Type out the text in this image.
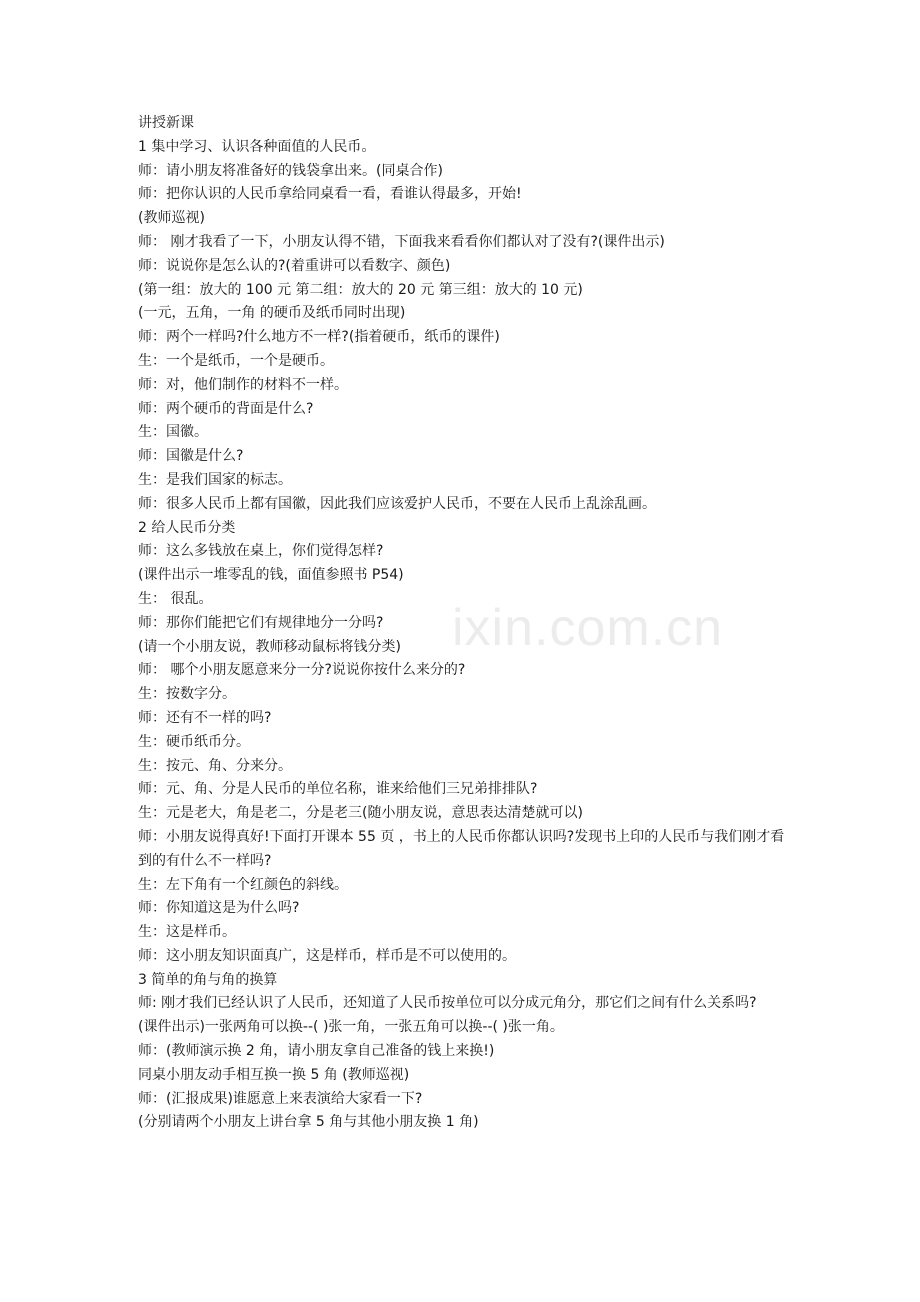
ixin.com.cn
讲授新课
1 集中学习、认识各种面值的人民币。
师：请小朋友将准备好的钱袋拿出来。(同桌合作)
师：把你认识的人民币拿给同桌看一看，看谁认得最多，开始!
(教师巡视)
师： 刚才我看了一下，小朋友认得不错，下面我来看看你们都认对了没有?(课件出示)
师：说说你是怎么认的?(着重讲可以看数字、颜色)
(第一组：放大的 100 元 第二组：放大的 20 元 第三组：放大的 10 元)
(一元，五角，一角 的硬币及纸币同时出现)
师：两个一样吗?什么地方不一样?(指着硬币，纸币的课件)
生：一个是纸币，一个是硬币。
师：对，他们制作的材料不一样。
师：两个硬币的背面是什么?
生：国徽。
师：国徽是什么?
生：是我们国家的标志。
师：很多人民币上都有国徽，因此我们应该爱护人民币，不要在人民币上乱涂乱画。
2 给人民币分类
师：这么多钱放在桌上，你们觉得怎样?
(课件出示一堆零乱的钱，面值参照书 P54)
生： 很乱。
师：那你们能把它们有规律地分一分吗?
(请一个小朋友说，教师移动鼠标将钱分类)
师： 哪个小朋友愿意来分一分?说说你按什么来分的?
生：按数字分。
师：还有不一样的吗?
生：硬币纸币分。
生：按元、角、分来分。
师：元、角、分是人民币的单位名称，谁来给他们三兄弟排排队?
生：元是老大，角是老二，分是老三(随小朋友说，意思表达清楚就可以)
师：小朋友说得真好!下面打开课本 55 页 ，书上的人民币你都认识吗?发现书上印的人民币与我们刚才看到的有什么不一样吗?
生：左下角有一个红颜色的斜线。
师：你知道这是为什么吗?
生：这是样币。
师：这小朋友知识面真广，这是样币，样币是不可以使用的。
3 简单的角与角的换算
师: 刚才我们已经认识了人民币，还知道了人民币按单位可以分成元角分，那它们之间有什么关系吗?
(课件出示)一张两角可以换--( )张一角，一张五角可以换--( )张一角。
师：(教师演示换 2 角，请小朋友拿自己准备的钱上来换!)
同桌小朋友动手相互换一换 5 角 (教师巡视)
师：(汇报成果)谁愿意上来表演给大家看一下?
(分别请两个小朋友上讲台拿 5 角与其他小朋友换 1 角)
